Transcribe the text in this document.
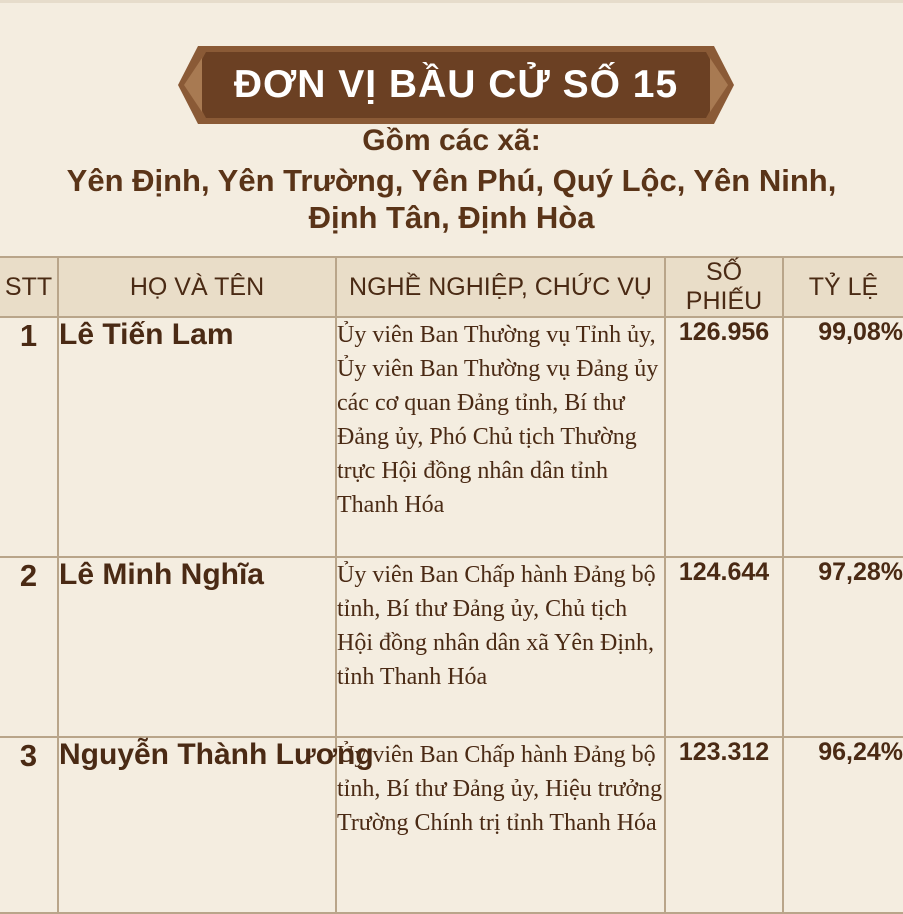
ĐƠN VỊ BẦU CỬ SỐ 15
Gồm các xã:
Yên Định, Yên Trường, Yên Phú, Quý Lộc, Yên Ninh,
Định Tân, Định Hòa
STT	HỌ VÀ TÊN	NGHỀ NGHIỆP, CHỨC VỤ	SỐ PHIẾU	TỶ LỆ
1	Lê Tiến Lam	Ủy viên Ban Thường vụ Tỉnh ủy, Ủy viên Ban Thường vụ Đảng ủy các cơ quan Đảng tỉnh, Bí thư Đảng ủy, Phó Chủ tịch Thường trực Hội đồng nhân dân tỉnh Thanh Hóa	126.956	99,08%
2	Lê Minh Nghĩa	Ủy viên Ban Chấp hành Đảng bộ tỉnh, Bí thư Đảng ủy, Chủ tịch Hội đồng nhân dân xã Yên Định, tỉnh Thanh Hóa	124.644	97,28%
3	Nguyễn Thành Lương	Ủy viên Ban Chấp hành Đảng bộ tỉnh, Bí thư Đảng ủy, Hiệu trưởng Trường Chính trị tỉnh Thanh Hóa	123.312	96,24%
